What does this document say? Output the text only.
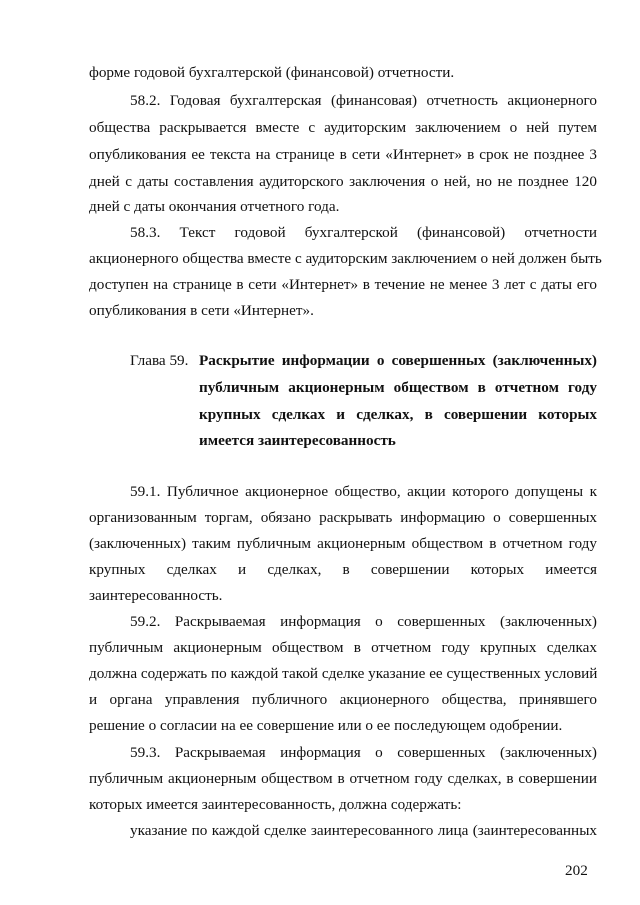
форме годовой бухгалтерской (финансовой) отчетности.
58.2. Годовая бухгалтерская (финансовая) отчетность акционерного
общества раскрывается вместе с аудиторским заключением о ней путем
опубликования ее текста на странице в сети «Интернет» в срок не позднее 3
дней с даты составления аудиторского заключения о ней, но не позднее 120
дней с даты окончания отчетного года.
58.3. Текст годовой бухгалтерской (финансовой) отчетности
акционерного общества вместе с аудиторским заключением о ней должен быть
доступен на странице в сети «Интернет» в течение не менее 3 лет с даты его
опубликования в сети «Интернет».
Глава 59. Раскрытие информации о совершенных (заключенных)
публичным акционерным обществом в отчетном году
крупных сделках и сделках, в совершении которых
имеется заинтересованность
59.1. Публичное акционерное общество, акции которого допущены к
организованным торгам, обязано раскрывать информацию о совершенных
(заключенных) таким публичным акционерным обществом в отчетном году
крупных сделках и сделках, в совершении которых имеется
заинтересованность.
59.2. Раскрываемая информация о совершенных (заключенных)
публичным акционерным обществом в отчетном году крупных сделках
должна содержать по каждой такой сделке указание ее существенных условий
и органа управления публичного акционерного общества, принявшего
решение о согласии на ее совершение или о ее последующем одобрении.
59.3. Раскрываемая информация о совершенных (заключенных)
публичным акционерным обществом в отчетном году сделках, в совершении
которых имеется заинтересованность, должна содержать:
указание по каждой сделке заинтересованного лица (заинтересованных
202
